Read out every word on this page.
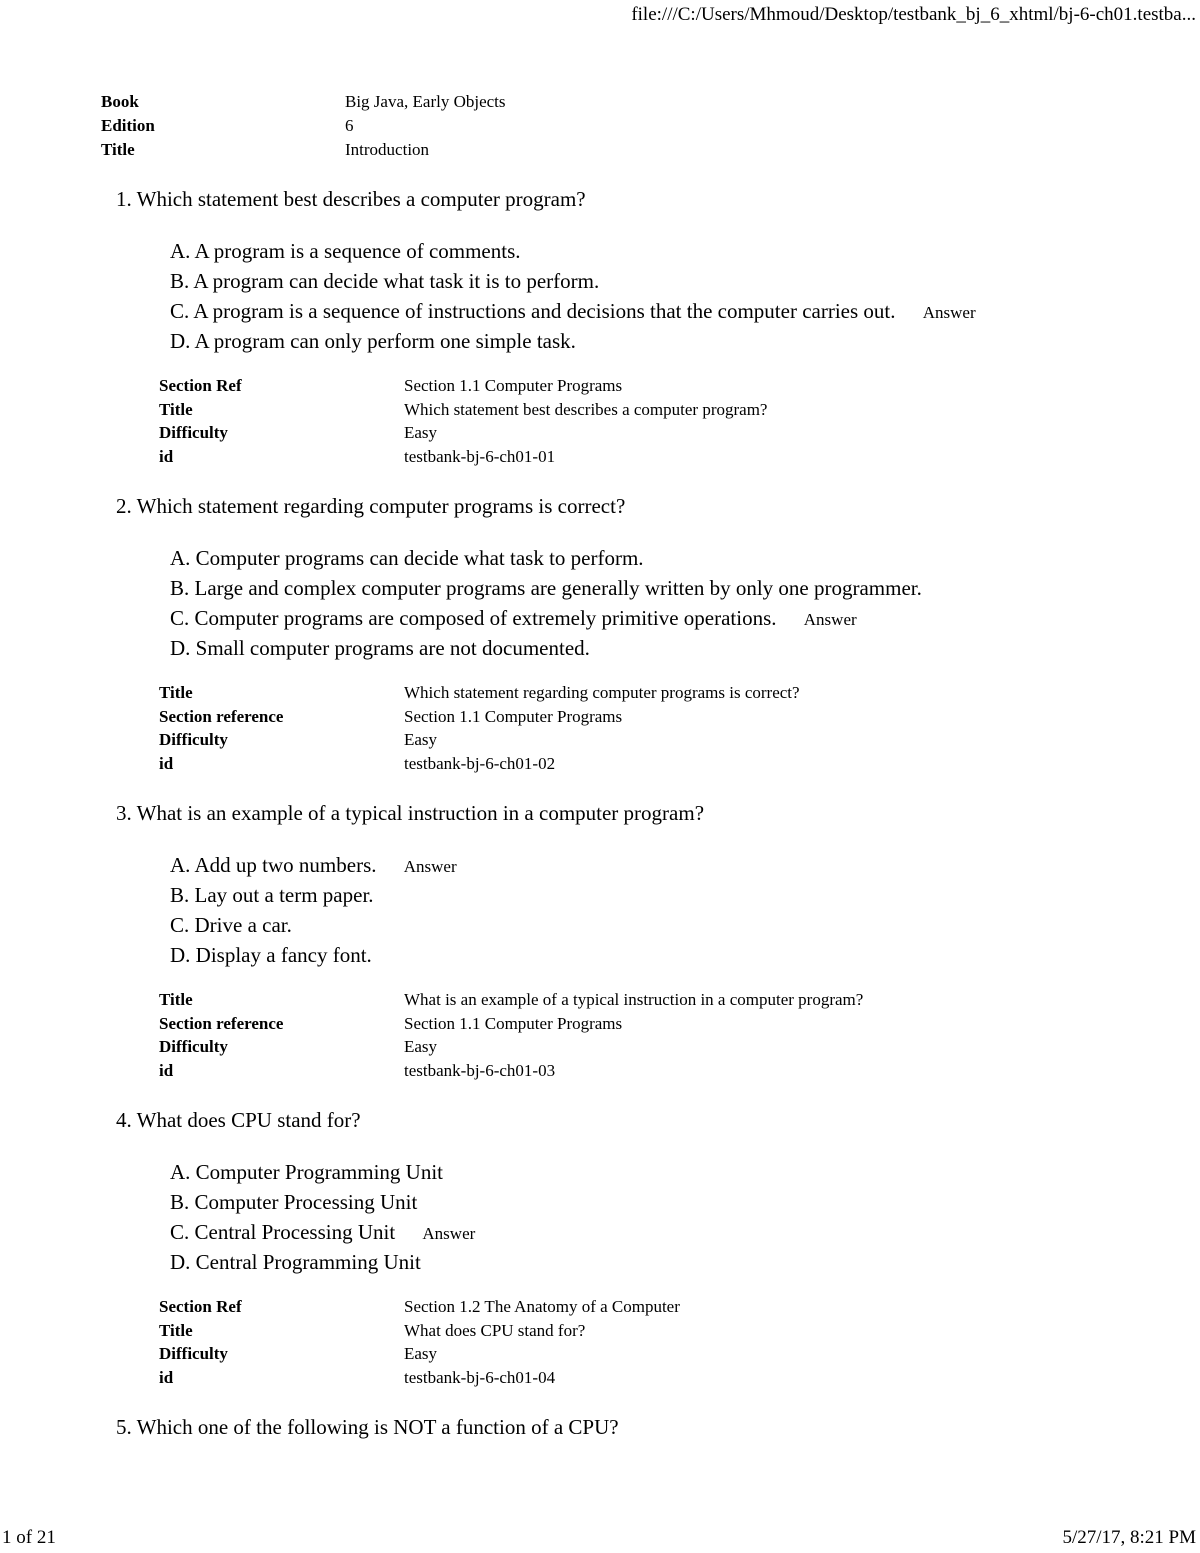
file:///C:/Users/Mhmoud/Desktop/testbank_bj_6_xhtml/bj-6-ch01.testba...
Book	Big Java, Early Objects
Edition	6
Title	Introduction
1. Which statement best describes a computer program?
A. A program is a sequence of comments.
B. A program can decide what task it is to perform.
C. A program is a sequence of instructions and decisions that the computer carries out. Answer
D. A program can only perform one simple task.
Section Ref	Section 1.1 Computer Programs
Title	Which statement best describes a computer program?
Difficulty	Easy
id	testbank-bj-6-ch01-01
2. Which statement regarding computer programs is correct?
A. Computer programs can decide what task to perform.
B. Large and complex computer programs are generally written by only one programmer.
C. Computer programs are composed of extremely primitive operations. Answer
D. Small computer programs are not documented.
Title	Which statement regarding computer programs is correct?
Section reference	Section 1.1 Computer Programs
Difficulty	Easy
id	testbank-bj-6-ch01-02
3. What is an example of a typical instruction in a computer program?
A. Add up two numbers. Answer
B. Lay out a term paper.
C. Drive a car.
D. Display a fancy font.
Title	What is an example of a typical instruction in a computer program?
Section reference	Section 1.1 Computer Programs
Difficulty	Easy
id	testbank-bj-6-ch01-03
4. What does CPU stand for?
A. Computer Programming Unit
B. Computer Processing Unit
C. Central Processing Unit Answer
D. Central Programming Unit
Section Ref	Section 1.2 The Anatomy of a Computer
Title	What does CPU stand for?
Difficulty	Easy
id	testbank-bj-6-ch01-04
5. Which one of the following is NOT a function of a CPU?
1 of 21	5/27/17, 8:21 PM
